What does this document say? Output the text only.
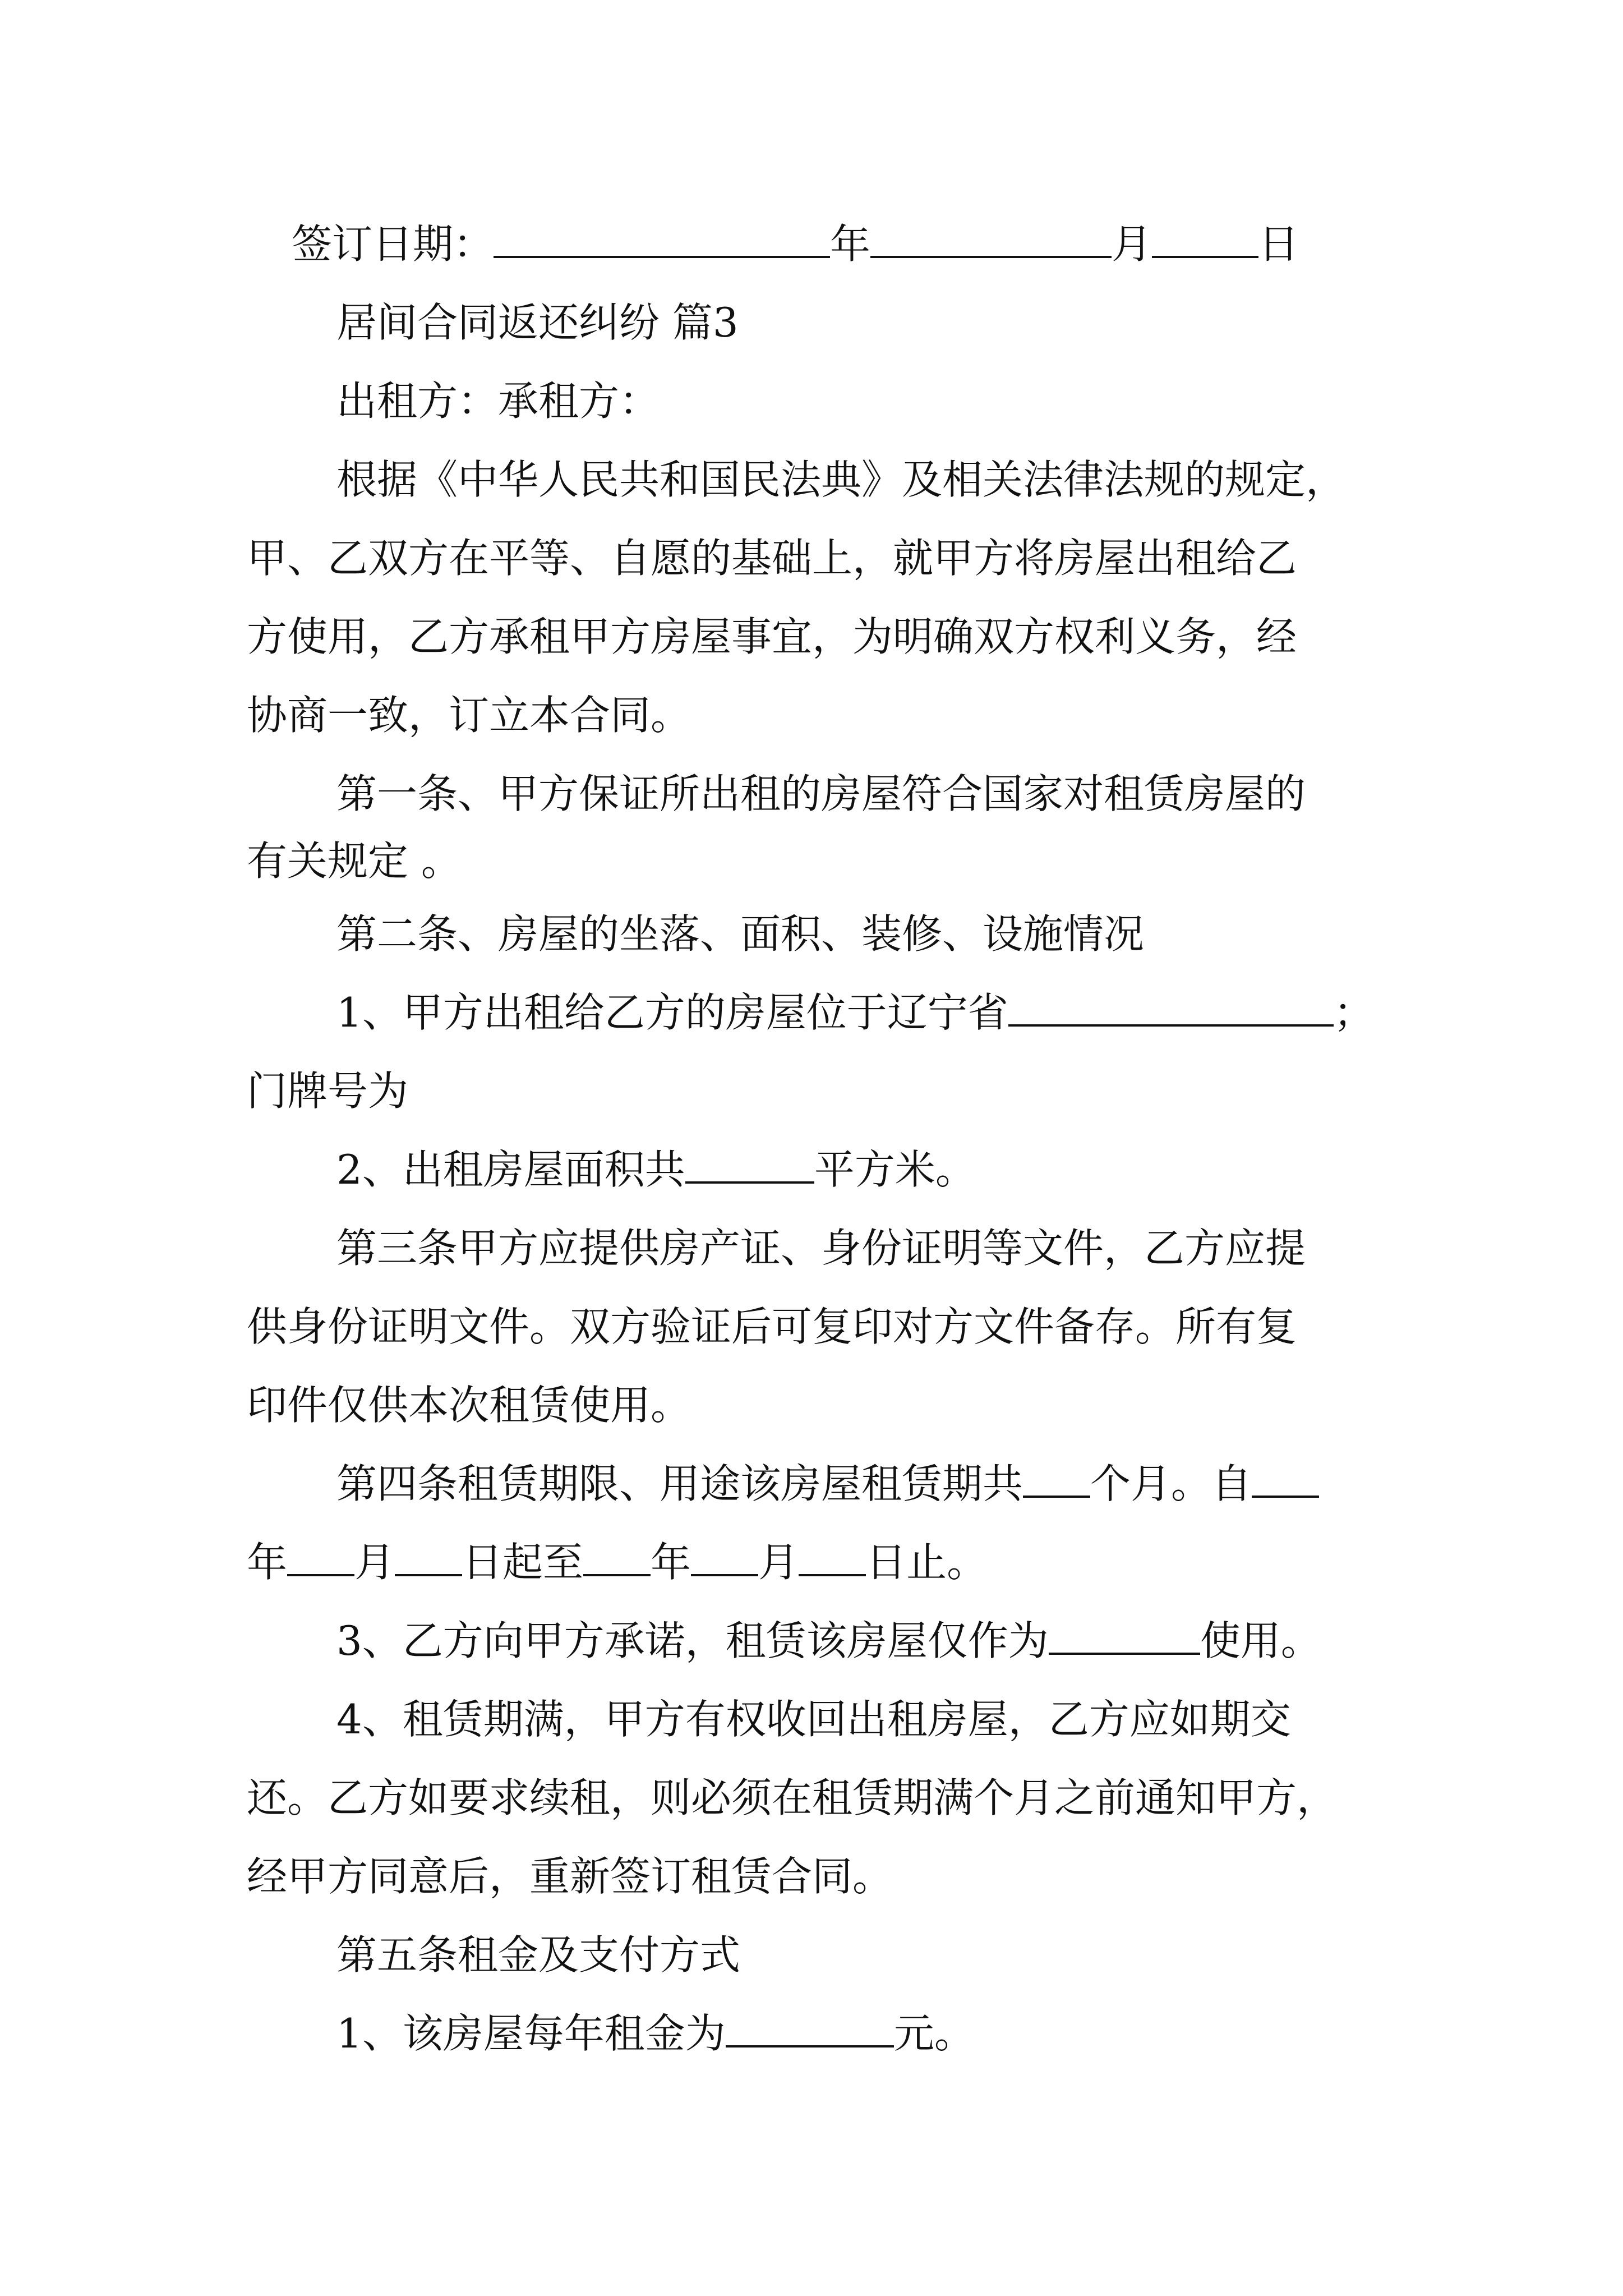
签订日期：	年	月	日
居间合同返还纠纷 篇3
出租方：承租方：
根据《中华人民共和国民法典》及相关法律法规的规定，
甲、乙双方在平等、自愿的基础上，就甲方将房屋出租给乙
方使用，乙方承租甲方房屋事宜，为明确双方权利义务，经
协商一致，订立本合同。
第一条、甲方保证所出租的房屋符合国家对租赁房屋的
有关规定 。
第二条、房屋的坐落、面积、装修、设施情况
1、甲方出租给乙方的房屋位于辽宁省	；
门牌号为
2、出租房屋面积共	平方米。
第三条甲方应提供房产证、身份证明等文件，乙方应提
供身份证明文件。双方验证后可复印对方文件备存。所有复
印件仅供本次租赁使用。
第四条租赁期限、用途该房屋租赁期共 个月。自
年 月 日起至 年 月 日止。
3、乙方向甲方承诺，租赁该房屋仅作为	使用。
4、租赁期满，甲方有权收回出租房屋，乙方应如期交
还。乙方如要求续租，则必须在租赁期满个月之前通知甲方，
经甲方同意后，重新签订租赁合同。
第五条租金及支付方式
1、该房屋每年租金为	元。
